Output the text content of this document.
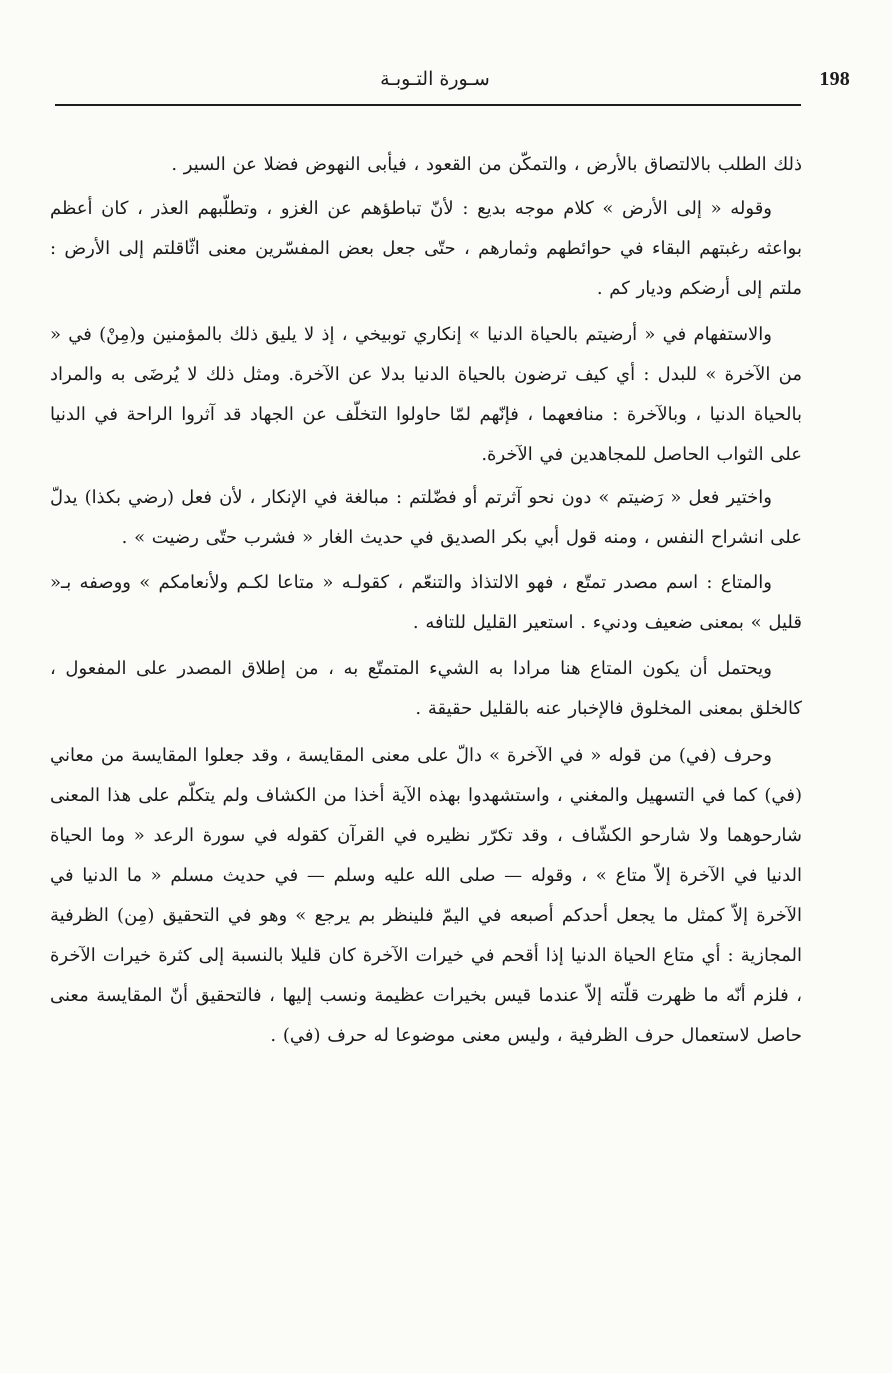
198
سـورة التـوبـة

ذلك الطلب بالالتصاق بالأرض ، والتمكّن من القعود ، فيأبى النهوض فضلا عن السير .

وقوله « إلى الأرض » كلام موجه بديع : لأنّ تباطؤهم عن الغزو ، وتطلّبهم العذر ، كان أعظم بواعثه رغبتهم البقاء في حوائطهم وثمارهم ، حتّى جعل بعض المفسّرين معنى اثّاقلتم إلى الأرض : ملتم إلى أرضكم وديار كم .

والاستفهام في « أرضيتم بالحياة الدنيا » إنكاري توبيخي ، إذ لا يليق ذلك بالمؤمنين و(مِنْ) في « من الآخرة » للبدل : أي كيف ترضون بالحياة الدنيا بدلا عن الآخرة. ومثل ذلك لا يُرضَى به والمراد بالحياة الدنيا ، وبالآخرة : منافعهما ، فإنّهم لمّا حاولوا التخلّف عن الجهاد قد آثروا الراحة في الدنيا على الثواب الحاصل للمجاهدين في الآخرة.

واختير فعل « رَضيتم » دون نحو آثرتم أو فضّلتم : مبالغة في الإنكار ، لأن فعل (رضي بكذا) يدلّ على انشراح النفس ، ومنه قول أبي بكر الصديق في حديث الغار « فشرب حتّى رضيت » .

والمتاع : اسم مصدر تمتّع ، فهو الالتذاذ والتنعّم ، كقولـه « متاعا لكـم ولأنعامكم » ووصفه بـ« قليل » بمعنى ضعيف ودنيء . استعير القليل للتافه .

ويحتمل أن يكون المتاع هنا مرادا به الشيء المتمتّع به ، من إطلاق المصدر على المفعول ، كالخلق بمعنى المخلوق فالإخبار عنه بالقليل حقيقة .

وحرف (في) من قوله « في الآخرة » دالّ على معنى المقايسة ، وقد جعلوا المقايسة من معاني (في) كما في التسهيل والمغني ، واستشهدوا بهذه الآية أخذا من الكشاف ولم يتكلّم على هذا المعنى شارحوهما ولا شارحو الكشّاف ، وقد تكرّر نظيره في القرآن كقوله في سورة الرعد « وما الحياة الدنيا في الآخرة إلاّ متاع » ، وقوله — صلى الله عليه وسلم — في حديث مسلم « ما الدنيا في الآخرة إلاّ كمثل ما يجعل أحدكم أصبعه في اليمّ فلينظر بم يرجع » وهو في التحقيق (مِن) الظرفية المجازية : أي متاع الحياة الدنيا إذا أقحم في خيرات الآخرة كان قليلا بالنسبة إلى كثرة خيرات الآخرة ، فلزم أنّه ما ظهرت قلّته إلاّ عندما قيس بخيرات عظيمة ونسب إليها ، فالتحقيق أنّ المقايسة معنى حاصل لاستعمال حرف الظرفية ، وليس معنى موضوعا له حرف (في) .
